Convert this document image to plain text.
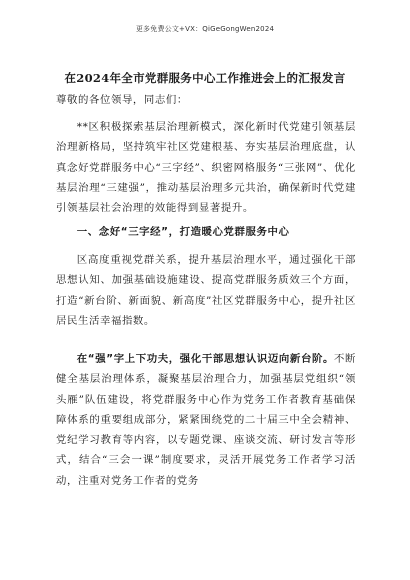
更多免费公文+VX：QiGeGongWen2024
在2024年全市党群服务中心工作推进会上的汇报发言
尊敬的各位领导，同志们：
**区积极探索基层治理新模式，深化新时代党建引领基层治理新格局，坚持筑牢社区党建根基、夯实基层治理底盘，认真念好党群服务中心“三字经”、织密网格服务“三张网”、优化基层治理“三建强”，推动基层治理多元共治，确保新时代党建引领基层社会治理的效能得到显著提升。
一、念好“三字经”，打造暖心党群服务中心
区高度重视党群关系，提升基层治理水平，通过强化干部思想认知、加强基础设施建设、提高党群服务质效三个方面，打造“新台阶、新面貌、新高度”社区党群服务中心，提升社区居民生活幸福指数。
在“强”字上下功夫，强化干部思想认识迈向新台阶。不断健全基层治理体系，凝聚基层治理合力，加强基层党组织“领头雁”队伍建设，将党群服务中心作为党务工作者教育基础保障体系的重要组成部分，紧紧围绕党的二十届三中全会精神、党纪学习教育等内容，以专题党课、座谈交流、研讨发言等形式，结合“三会一课”制度要求，灵活开展党务工作者学习活动，注重对党务工作者的党务
